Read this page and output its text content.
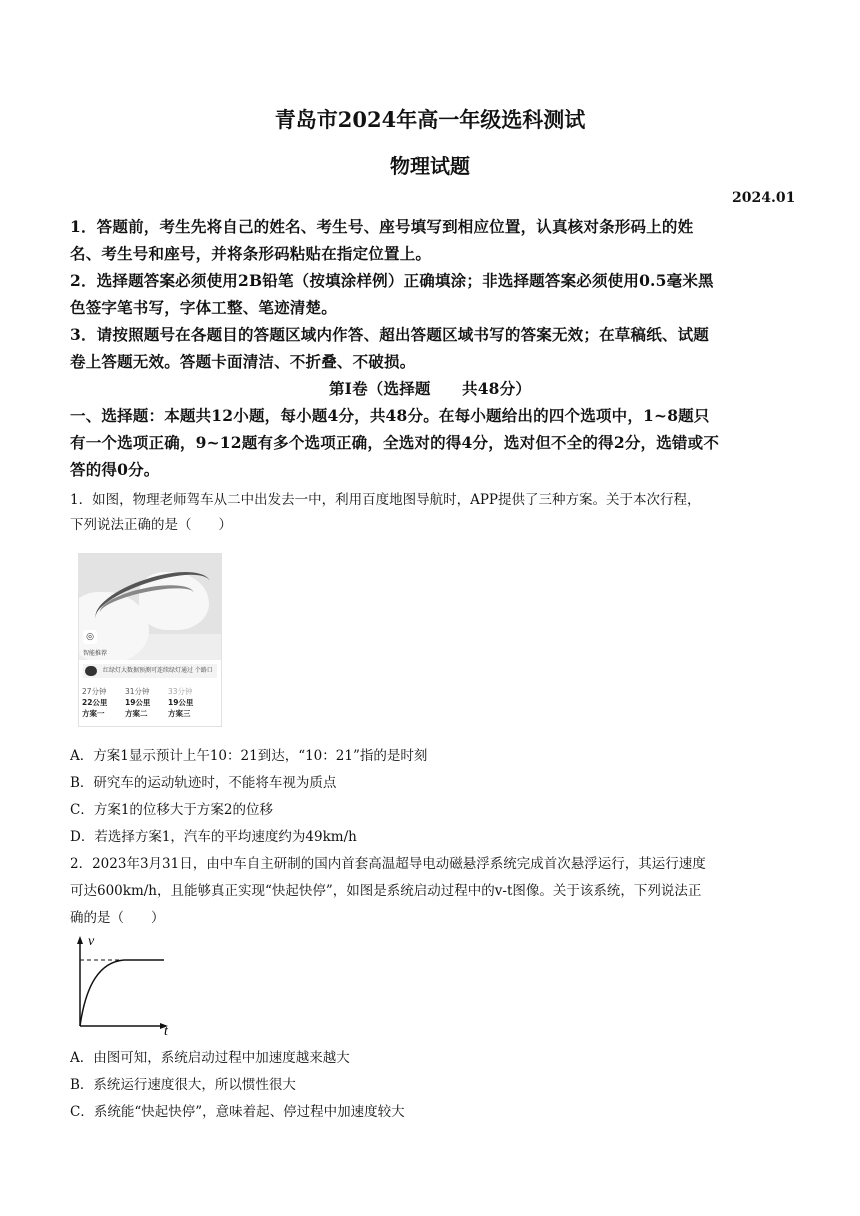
青岛市2024年高一年级选科测试
物理试题
2024.01
1．答题前，考生先将自己的姓名、考生号、座号填写到相应位置，认真核对条形码上的姓
名、考生号和座号，并将条形码粘贴在指定位置上。
2．选择题答案必须使用2B铅笔（按填涂样例）正确填涂；非选择题答案必须使用0.5毫米黑
色签字笔书写，字体工整、笔迹清楚。
3．请按照题号在各题目的答题区域内作答、超出答题区域书写的答案无效；在草稿纸、试题
卷上答题无效。答题卡面清洁、不折叠、不破损。
第Ⅰ卷（选择题　　共48分）
一、选择题：本题共12小题，每小题4分，共48分。在每小题给出的四个选项中，1~8题只
有一个选项正确，9~12题有多个选项正确，全选对的得4分，选对但不全的得2分，选错或不
答的得0分。
1．如图，物理老师驾车从二中出发去一中，利用百度地图导航时，APP提供了三种方案。关于本次行程，
下列说法正确的是（　　）
◎
智能推荐
红绿灯大数据预测可连续绿灯通过 个路口
27分钟
22公里
方案一
31分钟
19公里
方案二
33分钟
19公里
方案三
A．方案1显示预计上午10：21到达，“10：21”指的是时刻
B．研究车的运动轨迹时，不能将车视为质点
C．方案1的位移大于方案2的位移
D．若选择方案1，汽车的平均速度约为49km/h
2．2023年3月31日，由中车自主研制的国内首套高温超导电动磁悬浮系统完成首次悬浮运行，其运行速度
可达600km/h，且能够真正实现“快起快停”，如图是系统启动过程中的v-t图像。关于该系统，下列说法正
确的是（　　）
v
t
A．由图可知，系统启动过程中加速度越来越大
B．系统运行速度很大，所以惯性很大
C．系统能“快起快停”，意味着起、停过程中加速度较大
